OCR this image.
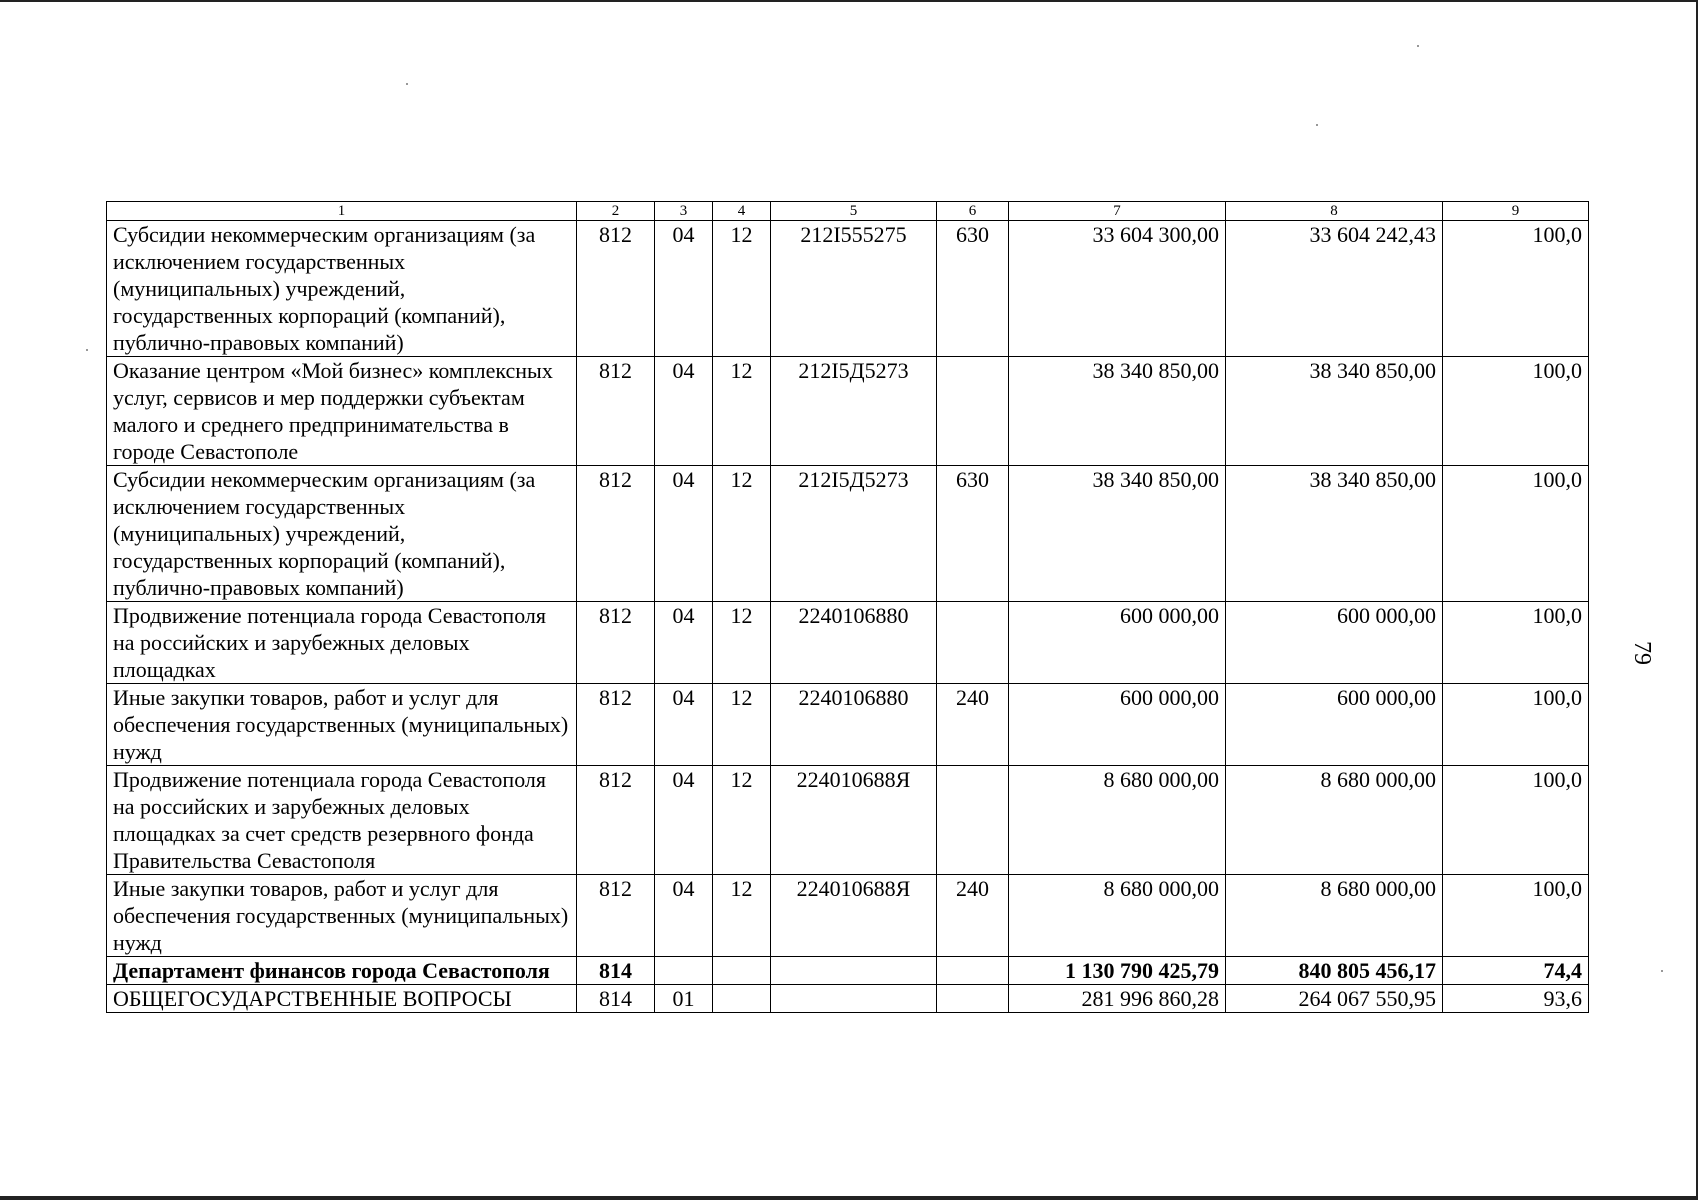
1	2	3	4	5	6	7	8	9
Субсидии некоммерческим организациям (за исключением государственных (муниципальных) учреждений, государственных корпораций (компаний), публично-правовых компаний)	812	04	12	212I555275	630	33 604 300,00	33 604 242,43	100,0
Оказание центром «Мой бизнес» комплексных услуг, сервисов и мер поддержки субъектам малого и среднего предпринимательства в городе Севастополе	812	04	12	212I5Д5273		38 340 850,00	38 340 850,00	100,0
Субсидии некоммерческим организациям (за исключением государственных (муниципальных) учреждений, государственных корпораций (компаний), публично-правовых компаний)	812	04	12	212I5Д5273	630	38 340 850,00	38 340 850,00	100,0
Продвижение потенциала города Севастополя на российских и зарубежных деловых площадках	812	04	12	2240106880		600 000,00	600 000,00	100,0
Иные закупки товаров, работ и услуг для обеспечения государственных (муниципальных) нужд	812	04	12	2240106880	240	600 000,00	600 000,00	100,0
Продвижение потенциала города Севастополя на российских и зарубежных деловых площадках за счет средств резервного фонда Правительства Севастополя	812	04	12	224010688Я		8 680 000,00	8 680 000,00	100,0
Иные закупки товаров, работ и услуг для обеспечения государственных (муниципальных) нужд	812	04	12	224010688Я	240	8 680 000,00	8 680 000,00	100,0
Департамент финансов города Севастополя	814					1 130 790 425,79	840 805 456,17	74,4
ОБЩЕГОСУДАРСТВЕННЫЕ ВОПРОСЫ	814	01				281 996 860,28	264 067 550,95	93,6
79
